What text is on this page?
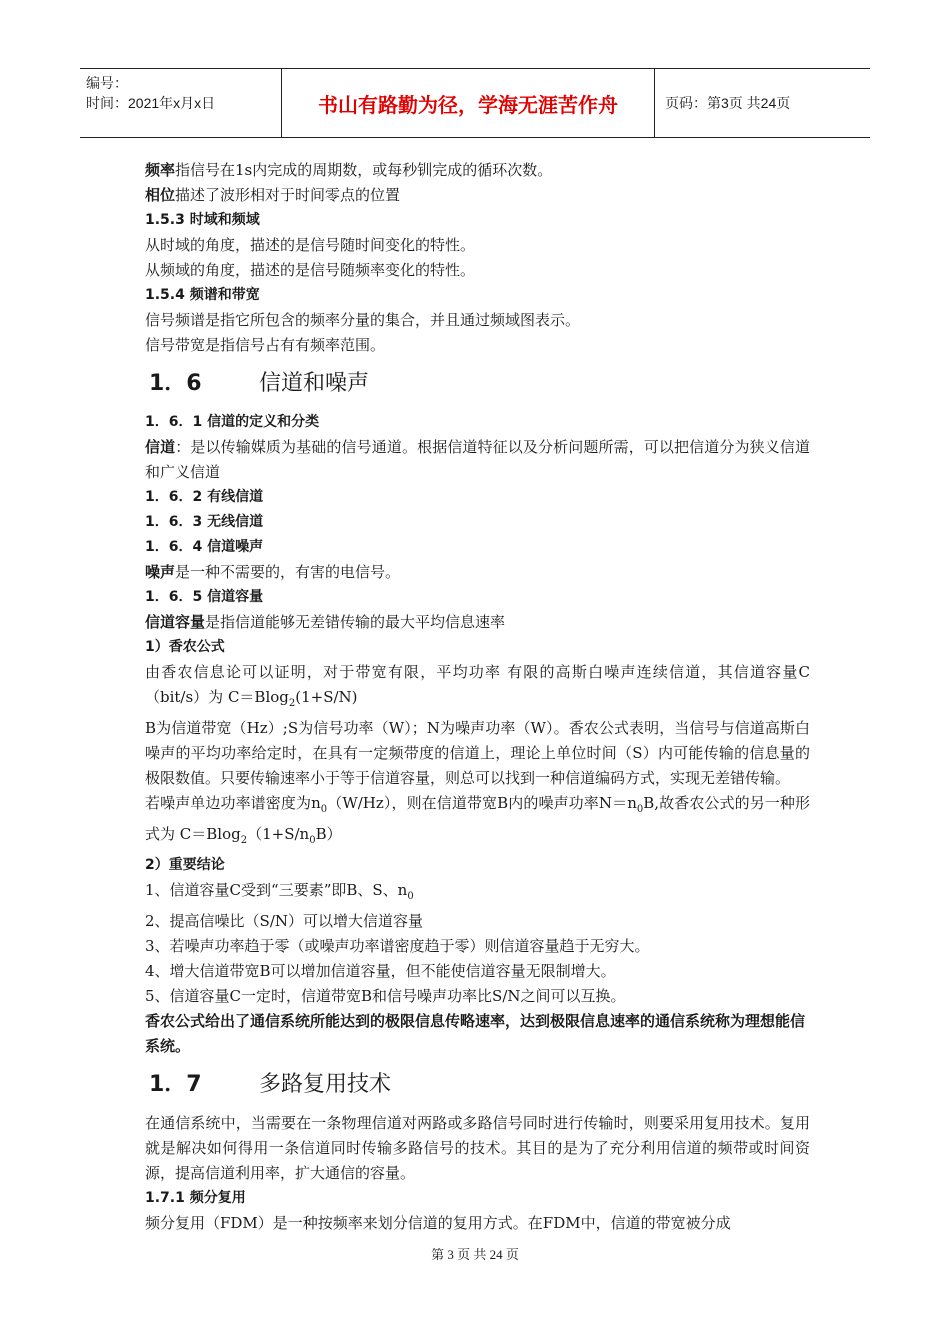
编号：
时间：2021年x月x日	书山有路勤为径，学海无涯苦作舟	页码：第3页 共24页
频率指信号在1s内完成的周期数，或每秒钏完成的循环次数。
相位描述了波形相对于时间零点的位置
1.5.3 时域和频域
从时域的角度，描述的是信号随时间变化的特性。
从频域的角度，描述的是信号随频率变化的特性。
1.5.4 频谱和带宽
信号频谱是指它所包含的频率分量的集合，并且通过频域图表示。
信号带宽是指信号占有有频率范围。
1．6	信道和噪声
1．6．1 信道的定义和分类
信道：是以传输媒质为基础的信号通道。根据信道特征以及分析问题所需，可以把信道分为狭义信道和广义信道
1．6．2 有线信道
1．6．3 无线信道
1．6．4 信道噪声
噪声是一种不需要的，有害的电信号。
1．6．5 信道容量
信道容量是指信道能够无差错传输的最大平均信息速率
1）香农公式
由香农信息论可以证明，对于带宽有限，平均功率 有限的高斯白噪声连续信道，其信道容量C（bit/s）为 C＝Blog$_2$(1+S/N)
B为信道带宽（Hz）;S为信号功率（W）；N为噪声功率（W）。香农公式表明，当信号与信道高斯白噪声的平均功率给定时，在具有一定频带度的信道上，理论上单位时间（S）内可能传输的信息量的极限数值。只要传输速率小于等于信道容量，则总可以找到一种信道编码方式，实现无差错传输。
若噪声单边功率谱密度为$n_0(W/Hz)$，则在信道带宽B内的噪声功率$N=n_0B$,故香农公式的另一种形式为 $C=Blog_2(1+S/n_0B)$
2）重要结论
1、信道容量C受到“三要素”即B、S、$n_0$
2、提高信噪比（S/N）可以增大信道容量
3、若噪声功率趋于零（或噪声功率谱密度趋于零）则信道容量趋于无穷大。
4、增大信道带宽B可以增加信道容量，但不能使信道容量无限制增大。
5、信道容量C一定时，信道带宽B和信号噪声功率比S/N之间可以互换。
香农公式给出了通信系统所能达到的极限信息传略速率，达到极限信息速率的通信系统称为理想能信系统。
1．7	多路复用技术
在通信系统中，当需要在一条物理信道对两路或多路信号同时进行传输时，则要采用复用技术。复用就是解决如何得用一条信道同时传输多路信号的技术。其目的是为了充分利用信道的频带或时间资源，提高信道利用率，扩大通信的容量。
1.7.1 频分复用
频分复用（FDM）是一种按频率来划分信道的复用方式。在FDM中，信道的带宽被分成
第 3 页 共 24 页
